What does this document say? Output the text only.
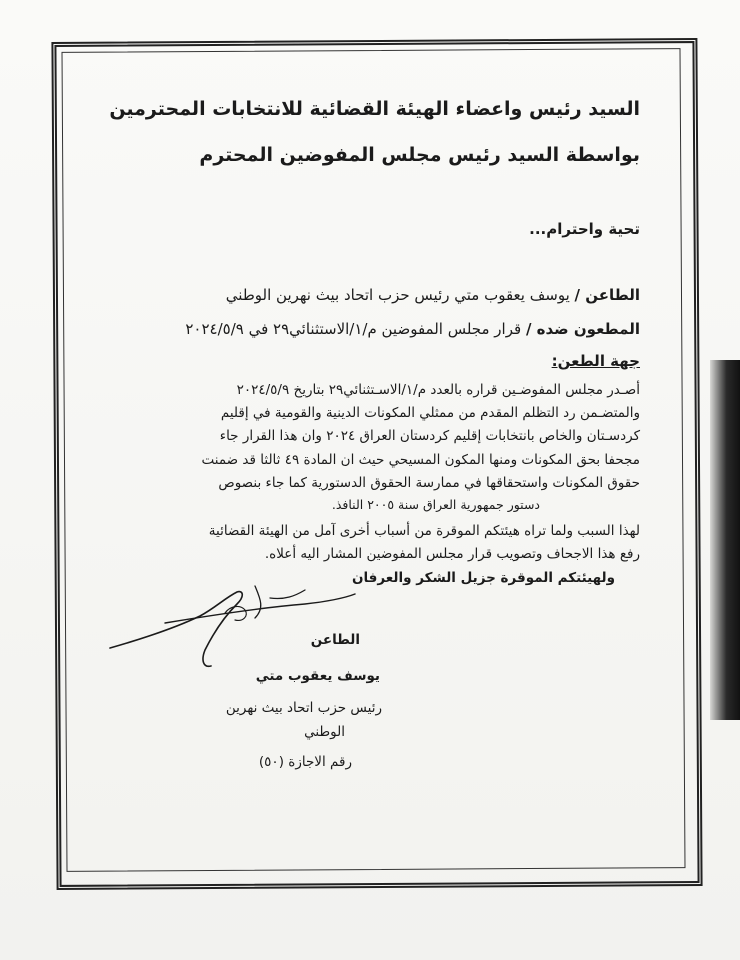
السيد رئيس واعضاء الهيئة القضائية للانتخابات المحترمين
بواسطة السيد رئيس مجلس المفوضين المحترم
تحية واحترام...
الطاعن / يوسف يعقوب متي رئيس حزب اتحاد بيث نهرين الوطني
المطعون ضده / قرار مجلس المفوضين م/١/الاستثنائي٢٩ في ٢٠٢٤/٥/٩
جهة الطعن:
أصـدر مجلس المفوضـين قراره بالعدد م/١/الاسـتثنائي٢٩ بتاريخ ٢٠٢٤/٥/٩
والمتضـمن رد التظلم المقدم من ممثلي المكونات الدينية والقومية في إقليم
كردسـتان والخاص بانتخابات إقليم كردستان العراق ٢٠٢٤ وان هذا القرار جاء
مجحفا بحق المكونات ومنها المكون المسيحي حيث ان المادة ٤٩ ثالثا قد ضمنت
حقوق المكونات واستحقاقها في ممارسة الحقوق الدستورية كما جاء بنصوص
دستور جمهورية العراق سنة ٢٠٠٥ النافذ.
لهذا السبب ولما تراه هيئتكم الموقرة من أسباب أخرى آمل من الهيئة القضائية
رفع هذا الاجحاف وتصويب قرار مجلس المفوضين المشار اليه أعلاه.
ولهيئتكم الموقرة جزيل الشكر والعرفان
الطاعن
يوسف يعقوب متي
رئيس حزب اتحاد بيث نهرين
الوطني
رقم الاجازة (٥٠)
